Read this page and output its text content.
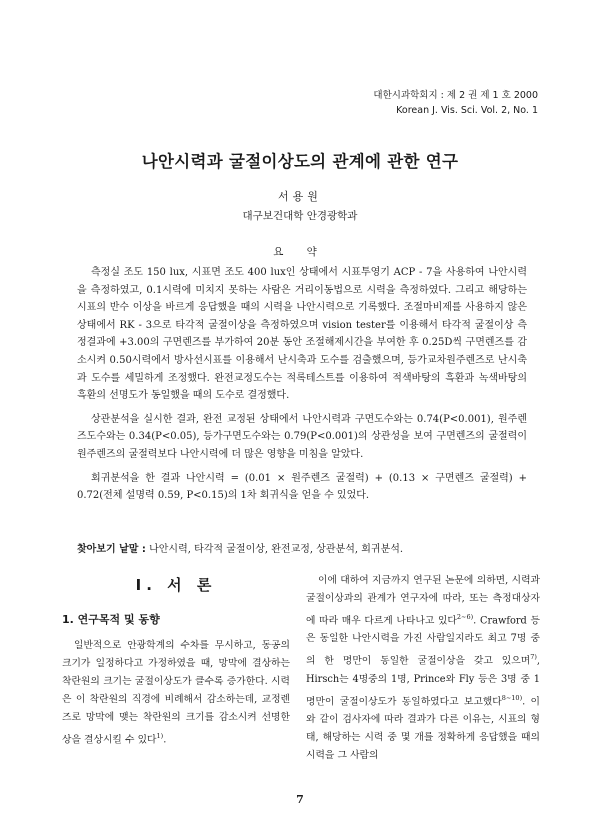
대한시과학회지 : 제 2 권 제 1 호 2000
Korean J. Vis. Sci. Vol. 2, No. 1
나안시력과 굴절이상도의 관계에 관한 연구
서용원
대구보건대학 안경광학과
요 약

측정실 조도 150 lux, 시표면 조도 400 lux인 상태에서 시표투영기 ACP - 7을 사용하여 나안시력을 측정하였고, 0.1시력에 미치지 못하는 사람은 거리이동법으로 시력을 측정하였다. 그리고 해당하는 시표의 반수 이상을 바르게 응답했을 때의 시력을 나안시력으로 기록했다. 조절마비제를 사용하지 않은 상태에서 RK - 3으로 타각적 굴절이상을 측정하였으며 vision tester를 이용해서 타각적 굴절이상 측정결과에 +3.00의 구면렌즈를 부가하여 20분 동안 조절해제시간을 부여한 후 0.25D씩 구면렌즈를 감소시켜 0.50시력에서 방사선시표를 이용해서 난시축과 도수를 검출했으며, 등가교차원주렌즈로 난시축과 도수를 세밀하게 조정했다. 완전교정도수는 적록테스트를 이용하여 적색바탕의 흑환과 녹색바탕의 흑환의 선명도가 동일했을 때의 도수로 결정했다.

상관분석을 실시한 결과, 완전 교정된 상태에서 나안시력과 구면도수와는 0.74(P<0.001), 원주렌즈도수와는 0.34(P<0.05), 등가구면도수와는 0.79(P<0.001)의 상관성을 보여 구면렌즈의 굴절력이 원주렌즈의 굴절력보다 나안시력에 더 많은 영향을 미침을 알았다.

회귀분석을 한 결과 나안시력 = (0.01 × 원주렌즈 굴절력) + (0.13 × 구면렌즈 굴절력) + 0.72(전체 설명력 0.59, P<0.15)의 1차 회귀식을 얻을 수 있었다.

찾아보기 낱말 : 나안시력, 타각적 굴절이상, 완전교정, 상관분석, 회귀분석.
I. 서 론
1. 연구목적 및 동향
일반적으로 안광학계의 수차를 무시하고, 동공의 크기가 일정하다고 가정하였을 때, 망막에 결상하는 착란원의 크기는 굴절이상도가 클수록 증가한다. 시력은 이 착란원의 직경에 비례해서 감소하는데, 교정렌즈로 망막에 맺는 착란원의 크기를 감소시켜 선명한 상을 결상시킬 수 있다$^{1)}$.

이에 대하여 지금까지 연구된 논문에 의하면, 시력과 굴절이상과의 관계가 연구자에 따라, 또는 측정대상자에 따라 매우 다르게 나타나고 있다$^{2\sim 6)}$. Crawford 등은 동일한 나안시력을 가진 사람일지라도 최고 7명 중의 한 명만이 동일한 굴절이상을 갖고 있으며$^{7)}$, Hirsch는 4명중의 1명, Prince와 Fly 등은 3명 중 1명만이 굴절이상도가 동일하였다고 보고했다$^{8\sim 10)}$. 이와 같이 검사자에 따라 결과가 다른 이유는, 시표의 형태, 해당하는 시력 중 몇 개를 정확하게 응답했을 때의 시력을 그 사람의

7
